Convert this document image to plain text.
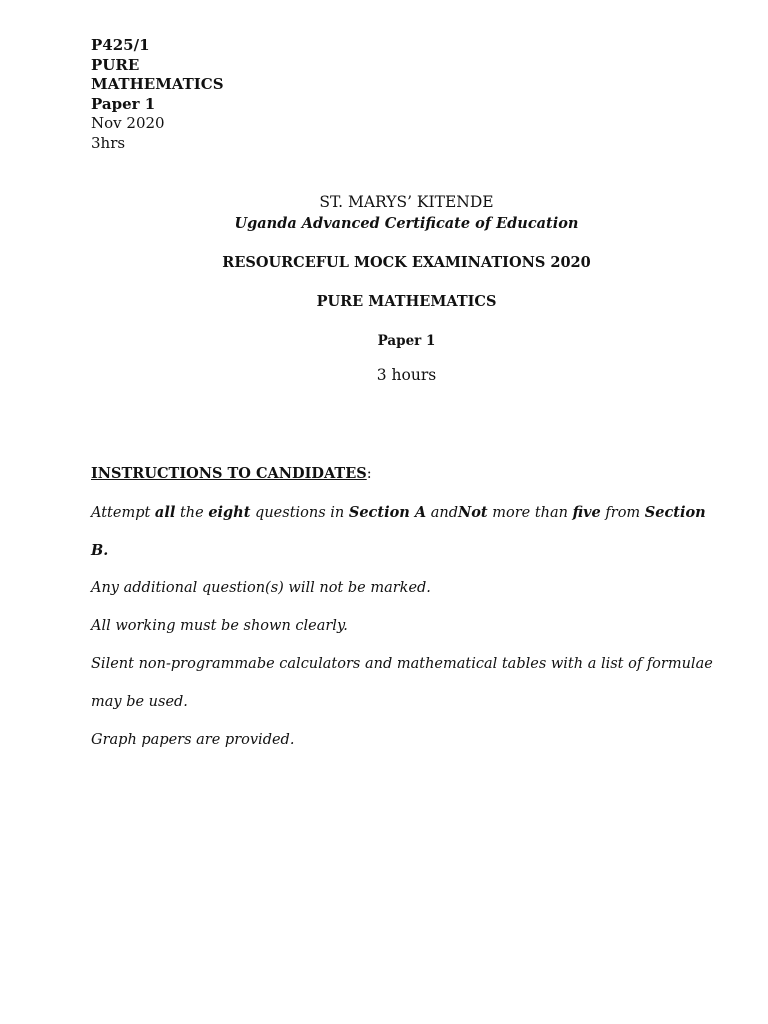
P425/1
PURE
MATHEMATICS
Paper 1
Nov 2020
3hrs
ST. MARYS’ KITENDE
Uganda Advanced Certificate of Education
RESOURCEFUL MOCK EXAMINATIONS 2020
PURE MATHEMATICS
Paper 1
3 hours
INSTRUCTIONS TO CANDIDATES:
Attempt all the eight questions in Section A andNot more than five from Section
B.
Any additional question(s) will not be marked.
All working must be shown clearly.
Silent non-programmabe calculators and mathematical tables with a list of formulae
may be used.
Graph papers are provided.
